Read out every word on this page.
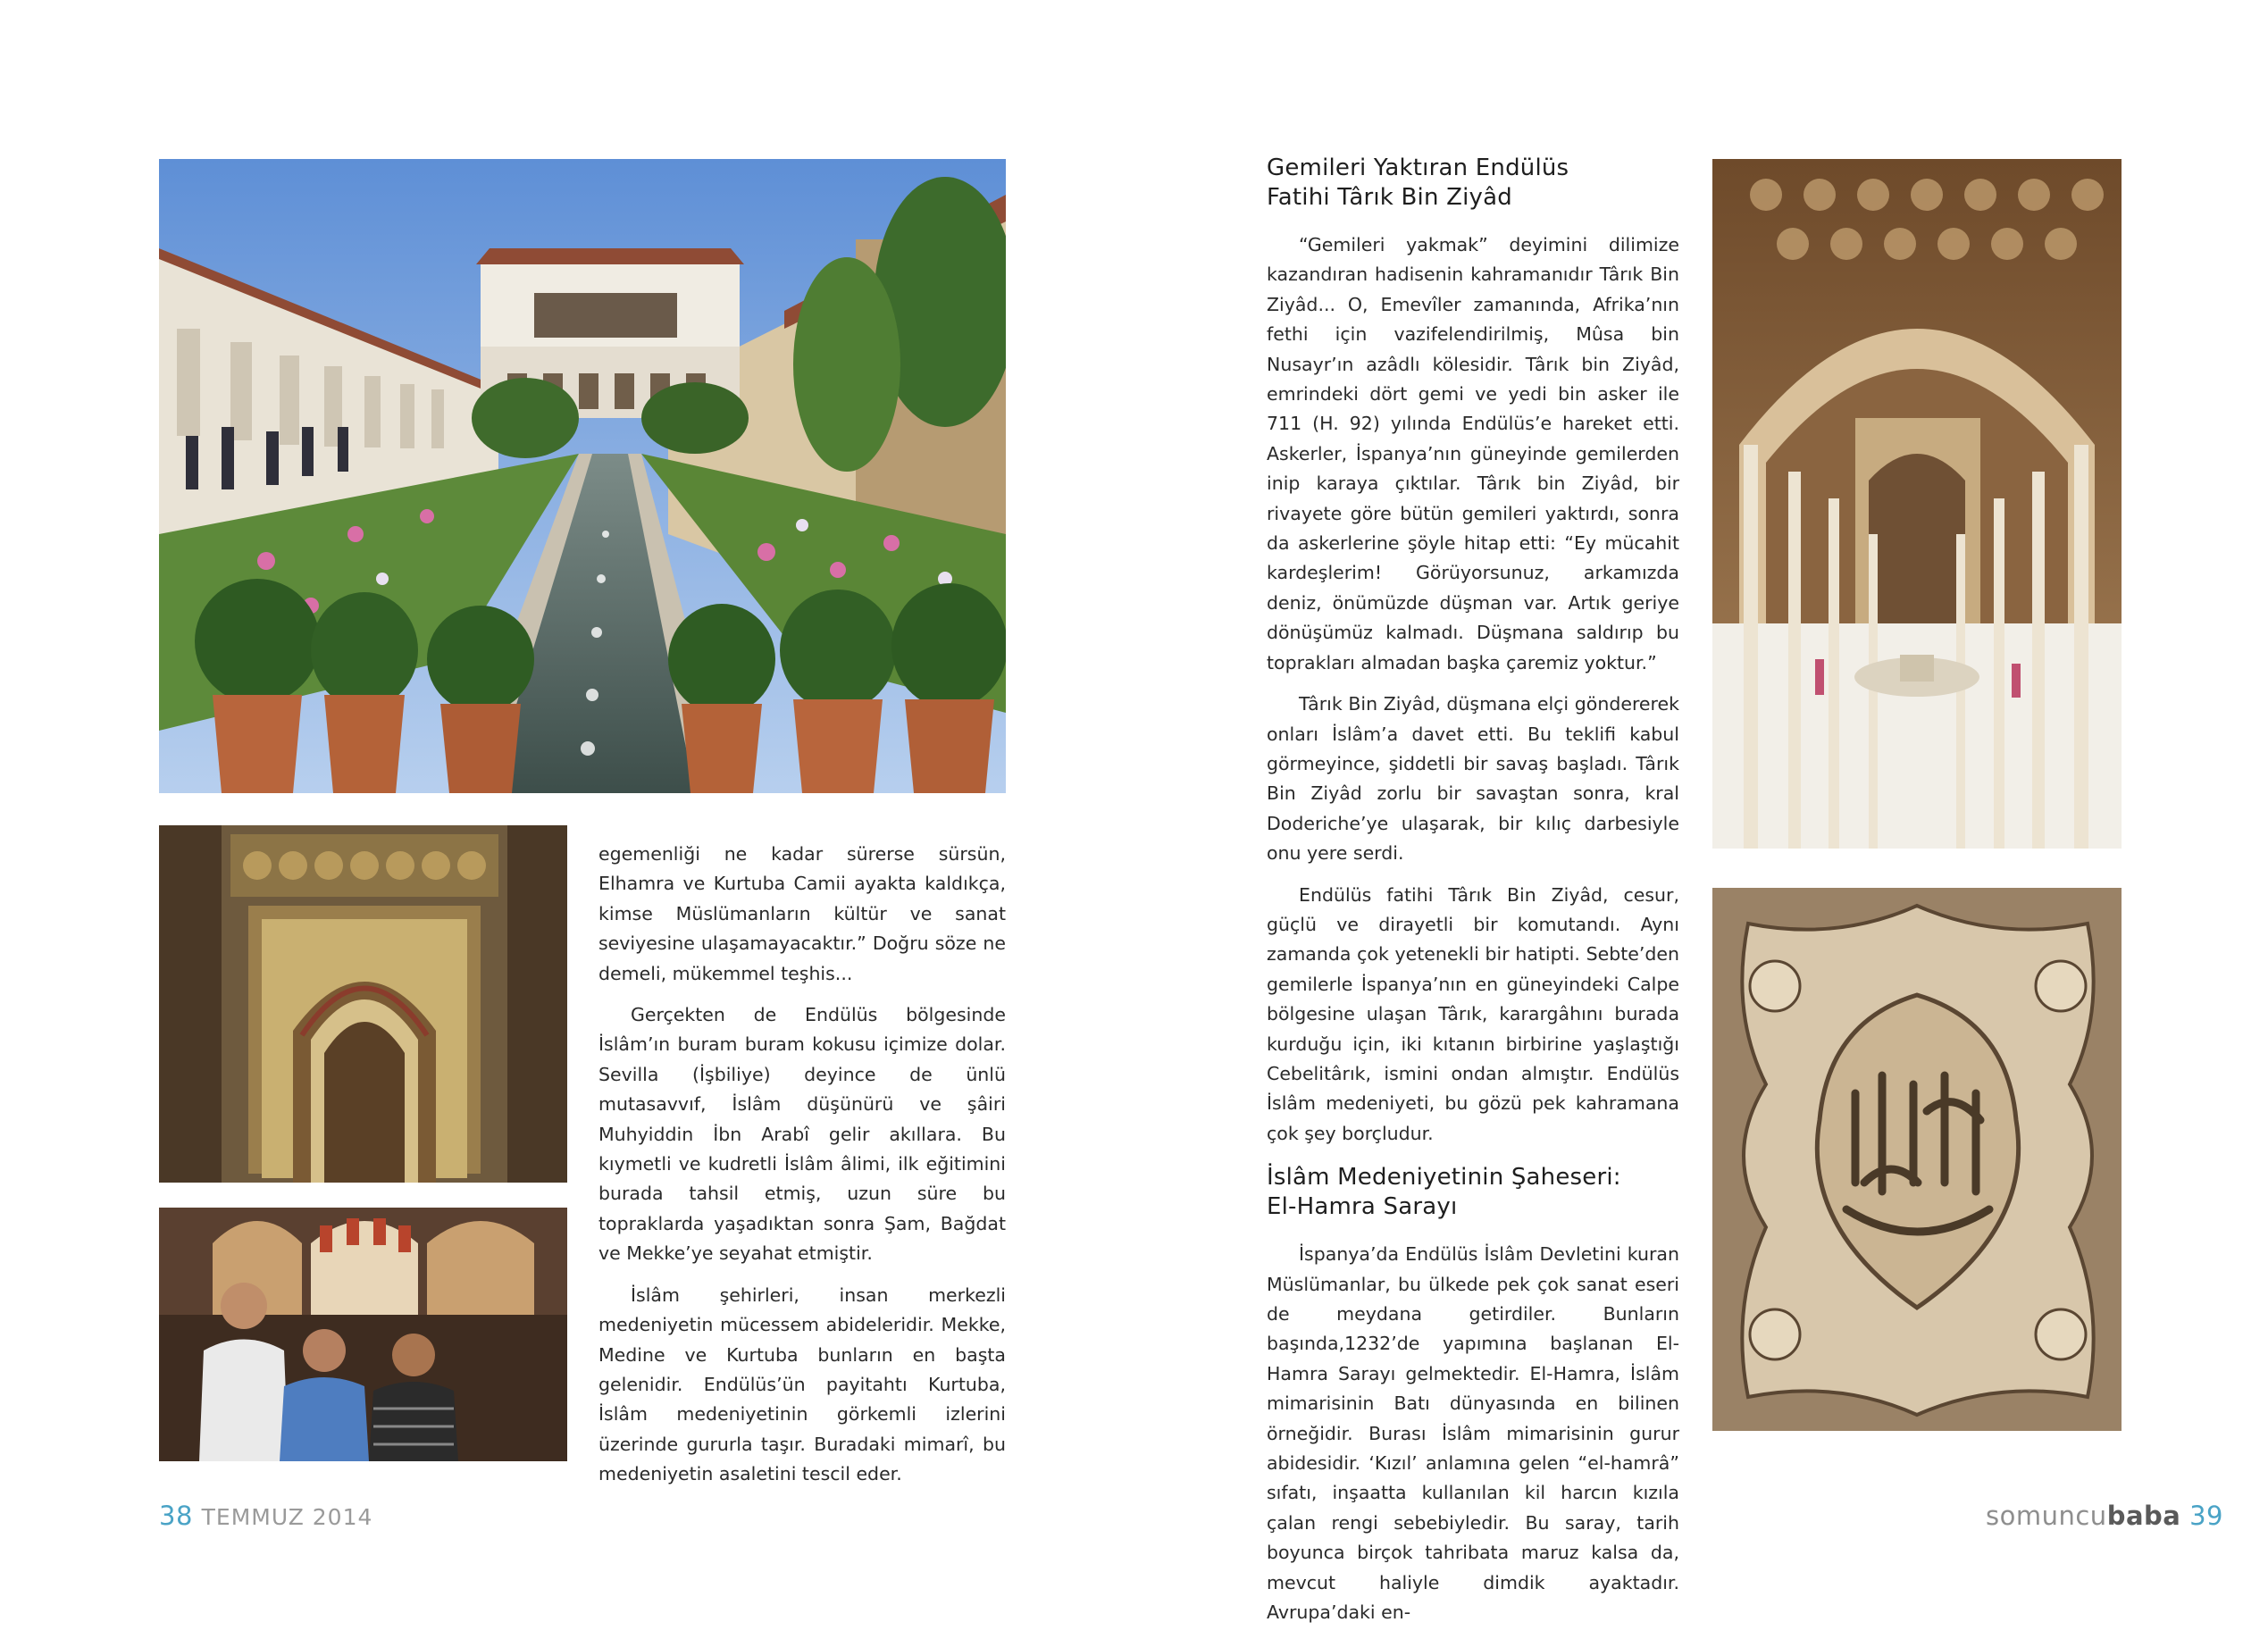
egemenliği ne kadar sürerse sürsün, Elhamra ve Kurtuba Camii ayakta kaldıkça, kimse Müslümanların kültür ve sanat seviyesine ulaşamayacaktır.” Doğru söze ne demeli, mükemmel teşhis...

Gerçekten de Endülüs bölgesinde İslâm’ın buram buram kokusu içimize dolar. Sevilla (İşbiliye) deyince de ünlü mutasavvıf, İslâm düşünürü ve şâiri Muhyiddin İbn Arabî gelir akıllara. Bu kıymetli ve kudretli İslâm âlimi, ilk eğitimini burada tahsil etmiş, uzun süre bu topraklarda yaşadıktan sonra Şam, Bağdat ve Mekke’ye seyahat etmiştir.

İslâm şehirleri, insan merkezli medeniyetin mücessem abideleridir. Mekke, Medine ve Kurtuba bunların en başta gelenidir. Endülüs’ün payitahtı Kurtuba, İslâm medeniyetinin görkemli izlerini üzerinde gururla taşır. Buradaki mimarî, bu medeniyetin asaletini tescil eder.

38 TEMMUZ 2014
Gemileri Yaktıran Endülüs
Fatihi Târık Bin Ziyâd

“Gemileri yakmak” deyimini dilimize kazandıran hadisenin kahramanıdır Târık Bin Ziyâd... O, Emevîler zamanında, Afrika’nın fethi için vazifelendirilmiş, Mûsa bin Nusayr’ın azâdlı kölesidir. Târık bin Ziyâd, emrindeki dört gemi ve yedi bin asker ile 711 (H. 92) yılında Endülüs’e hareket etti. Askerler, İspanya’nın güneyinde gemilerden inip karaya çıktılar. Târık bin Ziyâd, bir rivayete göre bütün gemileri yaktırdı, sonra da askerlerine şöyle hitap etti: “Ey mücahit kardeşlerim! Görüyorsunuz, arkamızda deniz, önümüzde düşman var. Artık geriye dönüşümüz kalmadı. Düşmana saldırıp bu toprakları almadan başka çaremiz yoktur.”

Târık Bin Ziyâd, düşmana elçi göndererek onları İslâm’a davet etti. Bu teklifi kabul görmeyince, şiddetli bir savaş başladı. Târık Bin Ziyâd zorlu bir savaştan sonra, kral Doderiche’ye ulaşarak, bir kılıç darbesiyle onu yere serdi.

Endülüs fatihi Târık Bin Ziyâd, cesur, güçlü ve dirayetli bir komutandı. Aynı zamanda çok yetenekli bir hatipti. Sebte’den gemilerle İspanya’nın en güneyindeki Calpe bölgesine ulaşan Târık, karargâhını burada kurduğu için, iki kıtanın birbirine yaşlaştığı Cebelitârık, ismini ondan almıştır. Endülüs İslâm medeniyeti, bu gözü pek kahramana çok şey borçludur.

İslâm Medeniyetinin Şaheseri:
El-Hamra Sarayı

İspanya’da Endülüs İslâm Devletini kuran Müslümanlar, bu ülkede pek çok sanat eseri de meydana getirdiler. Bunların başında,1232’de yapımına başlanan El-Hamra Sarayı gelmektedir. El-Hamra, İslâm mimarisinin Batı dünyasında en bilinen örneğidir. Burası İslâm mimarisinin gurur abidesidir. ‘Kızıl’ anlamına gelen “el-hamrâ” sıfatı, inşaatta kullanılan kil harcın kızıla çalan rengi sebebiyledir. Bu saray, tarih boyunca birçok tahribata maruz kalsa da, mevcut haliyle dimdik ayaktadır. Avrupa’daki en-

somuncubaba 39
